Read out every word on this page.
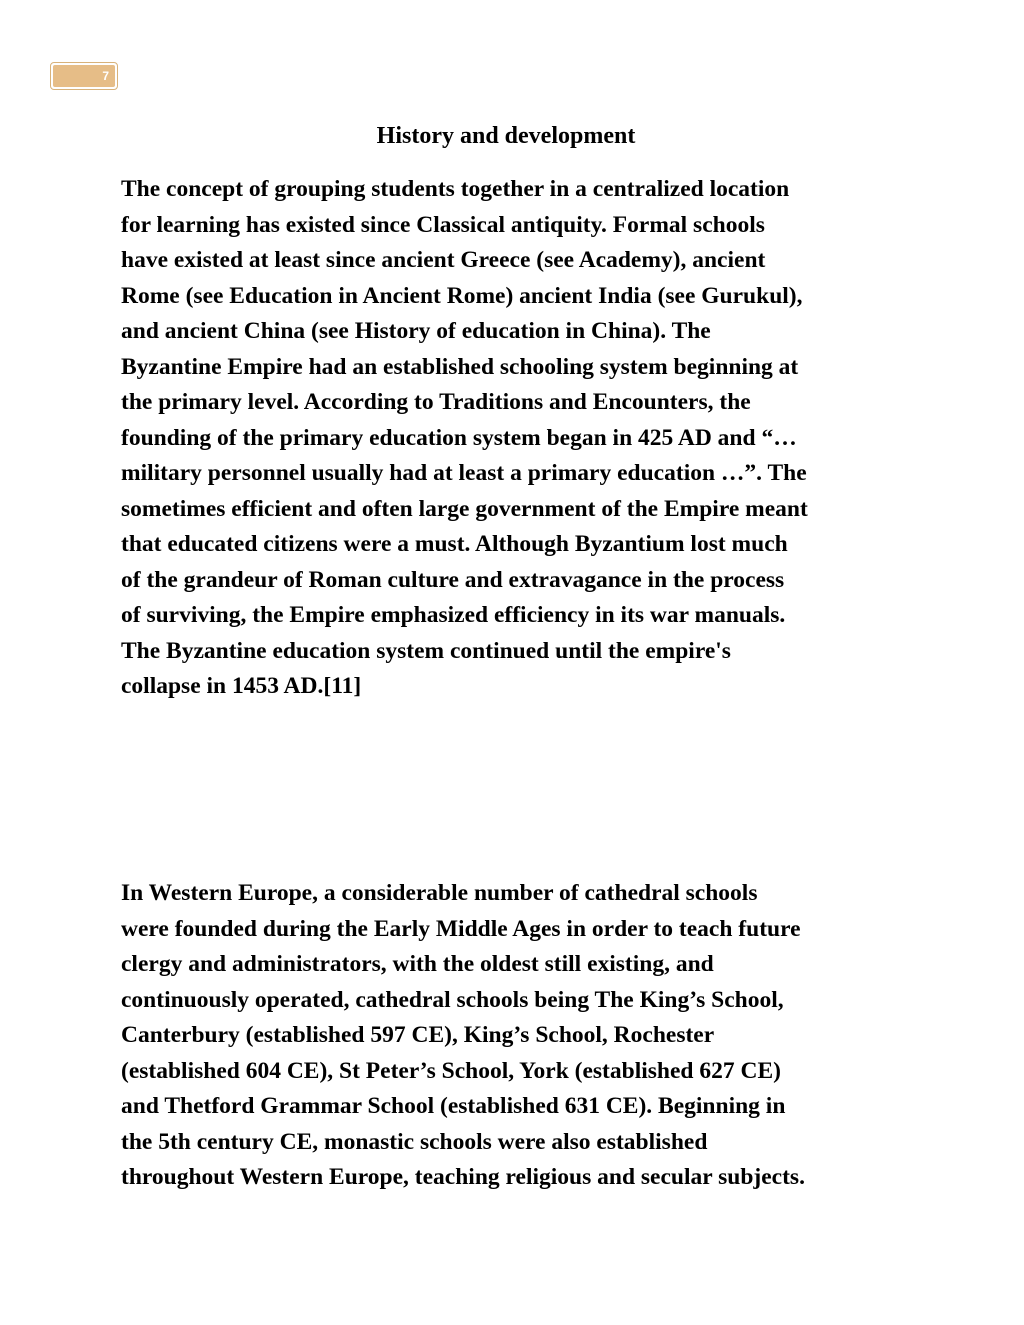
7
History and development
The concept of grouping students together in a centralized location
for learning has existed since Classical antiquity. Formal schools
have existed at least since ancient Greece (see Academy), ancient
Rome (see Education in Ancient Rome) ancient India (see Gurukul),
and ancient China (see History of education in China). The
Byzantine Empire had an established schooling system beginning at
the primary level. According to Traditions and Encounters, the
founding of the primary education system began in 425 AD and “…
military personnel usually had at least a primary education …”. The
sometimes efficient and often large government of the Empire meant
that educated citizens were a must. Although Byzantium lost much
of the grandeur of Roman culture and extravagance in the process
of surviving, the Empire emphasized efficiency in its war manuals.
The Byzantine education system continued until the empire's
collapse in 1453 AD.[11]
In Western Europe, a considerable number of cathedral schools
were founded during the Early Middle Ages in order to teach future
clergy and administrators, with the oldest still existing, and
continuously operated, cathedral schools being The King’s School,
Canterbury (established 597 CE), King’s School, Rochester
(established 604 CE), St Peter’s School, York (established 627 CE)
and Thetford Grammar School (established 631 CE). Beginning in
the 5th century CE, monastic schools were also established
throughout Western Europe, teaching religious and secular subjects.
